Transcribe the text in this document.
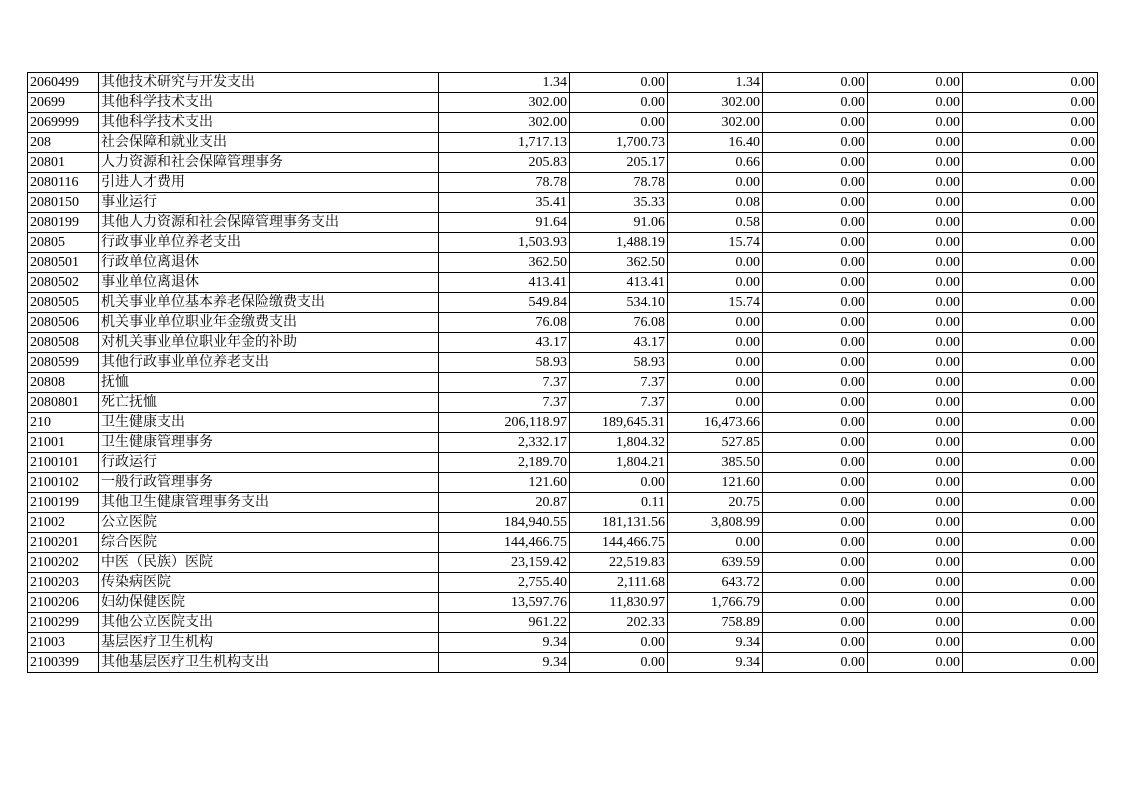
2060499	其他技术研究与开发支出	1.34	0.00	1.34	0.00	0.00	0.00
20699	其他科学技术支出	302.00	0.00	302.00	0.00	0.00	0.00
2069999	其他科学技术支出	302.00	0.00	302.00	0.00	0.00	0.00
208	社会保障和就业支出	1,717.13	1,700.73	16.40	0.00	0.00	0.00
20801	人力资源和社会保障管理事务	205.83	205.17	0.66	0.00	0.00	0.00
2080116	引进人才费用	78.78	78.78	0.00	0.00	0.00	0.00
2080150	事业运行	35.41	35.33	0.08	0.00	0.00	0.00
2080199	其他人力资源和社会保障管理事务支出	91.64	91.06	0.58	0.00	0.00	0.00
20805	行政事业单位养老支出	1,503.93	1,488.19	15.74	0.00	0.00	0.00
2080501	行政单位离退休	362.50	362.50	0.00	0.00	0.00	0.00
2080502	事业单位离退休	413.41	413.41	0.00	0.00	0.00	0.00
2080505	机关事业单位基本养老保险缴费支出	549.84	534.10	15.74	0.00	0.00	0.00
2080506	机关事业单位职业年金缴费支出	76.08	76.08	0.00	0.00	0.00	0.00
2080508	对机关事业单位职业年金的补助	43.17	43.17	0.00	0.00	0.00	0.00
2080599	其他行政事业单位养老支出	58.93	58.93	0.00	0.00	0.00	0.00
20808	抚恤	7.37	7.37	0.00	0.00	0.00	0.00
2080801	死亡抚恤	7.37	7.37	0.00	0.00	0.00	0.00
210	卫生健康支出	206,118.97	189,645.31	16,473.66	0.00	0.00	0.00
21001	卫生健康管理事务	2,332.17	1,804.32	527.85	0.00	0.00	0.00
2100101	行政运行	2,189.70	1,804.21	385.50	0.00	0.00	0.00
2100102	一般行政管理事务	121.60	0.00	121.60	0.00	0.00	0.00
2100199	其他卫生健康管理事务支出	20.87	0.11	20.75	0.00	0.00	0.00
21002	公立医院	184,940.55	181,131.56	3,808.99	0.00	0.00	0.00
2100201	综合医院	144,466.75	144,466.75	0.00	0.00	0.00	0.00
2100202	中医（民族）医院	23,159.42	22,519.83	639.59	0.00	0.00	0.00
2100203	传染病医院	2,755.40	2,111.68	643.72	0.00	0.00	0.00
2100206	妇幼保健医院	13,597.76	11,830.97	1,766.79	0.00	0.00	0.00
2100299	其他公立医院支出	961.22	202.33	758.89	0.00	0.00	0.00
21003	基层医疗卫生机构	9.34	0.00	9.34	0.00	0.00	0.00
2100399	其他基层医疗卫生机构支出	9.34	0.00	9.34	0.00	0.00	0.00
